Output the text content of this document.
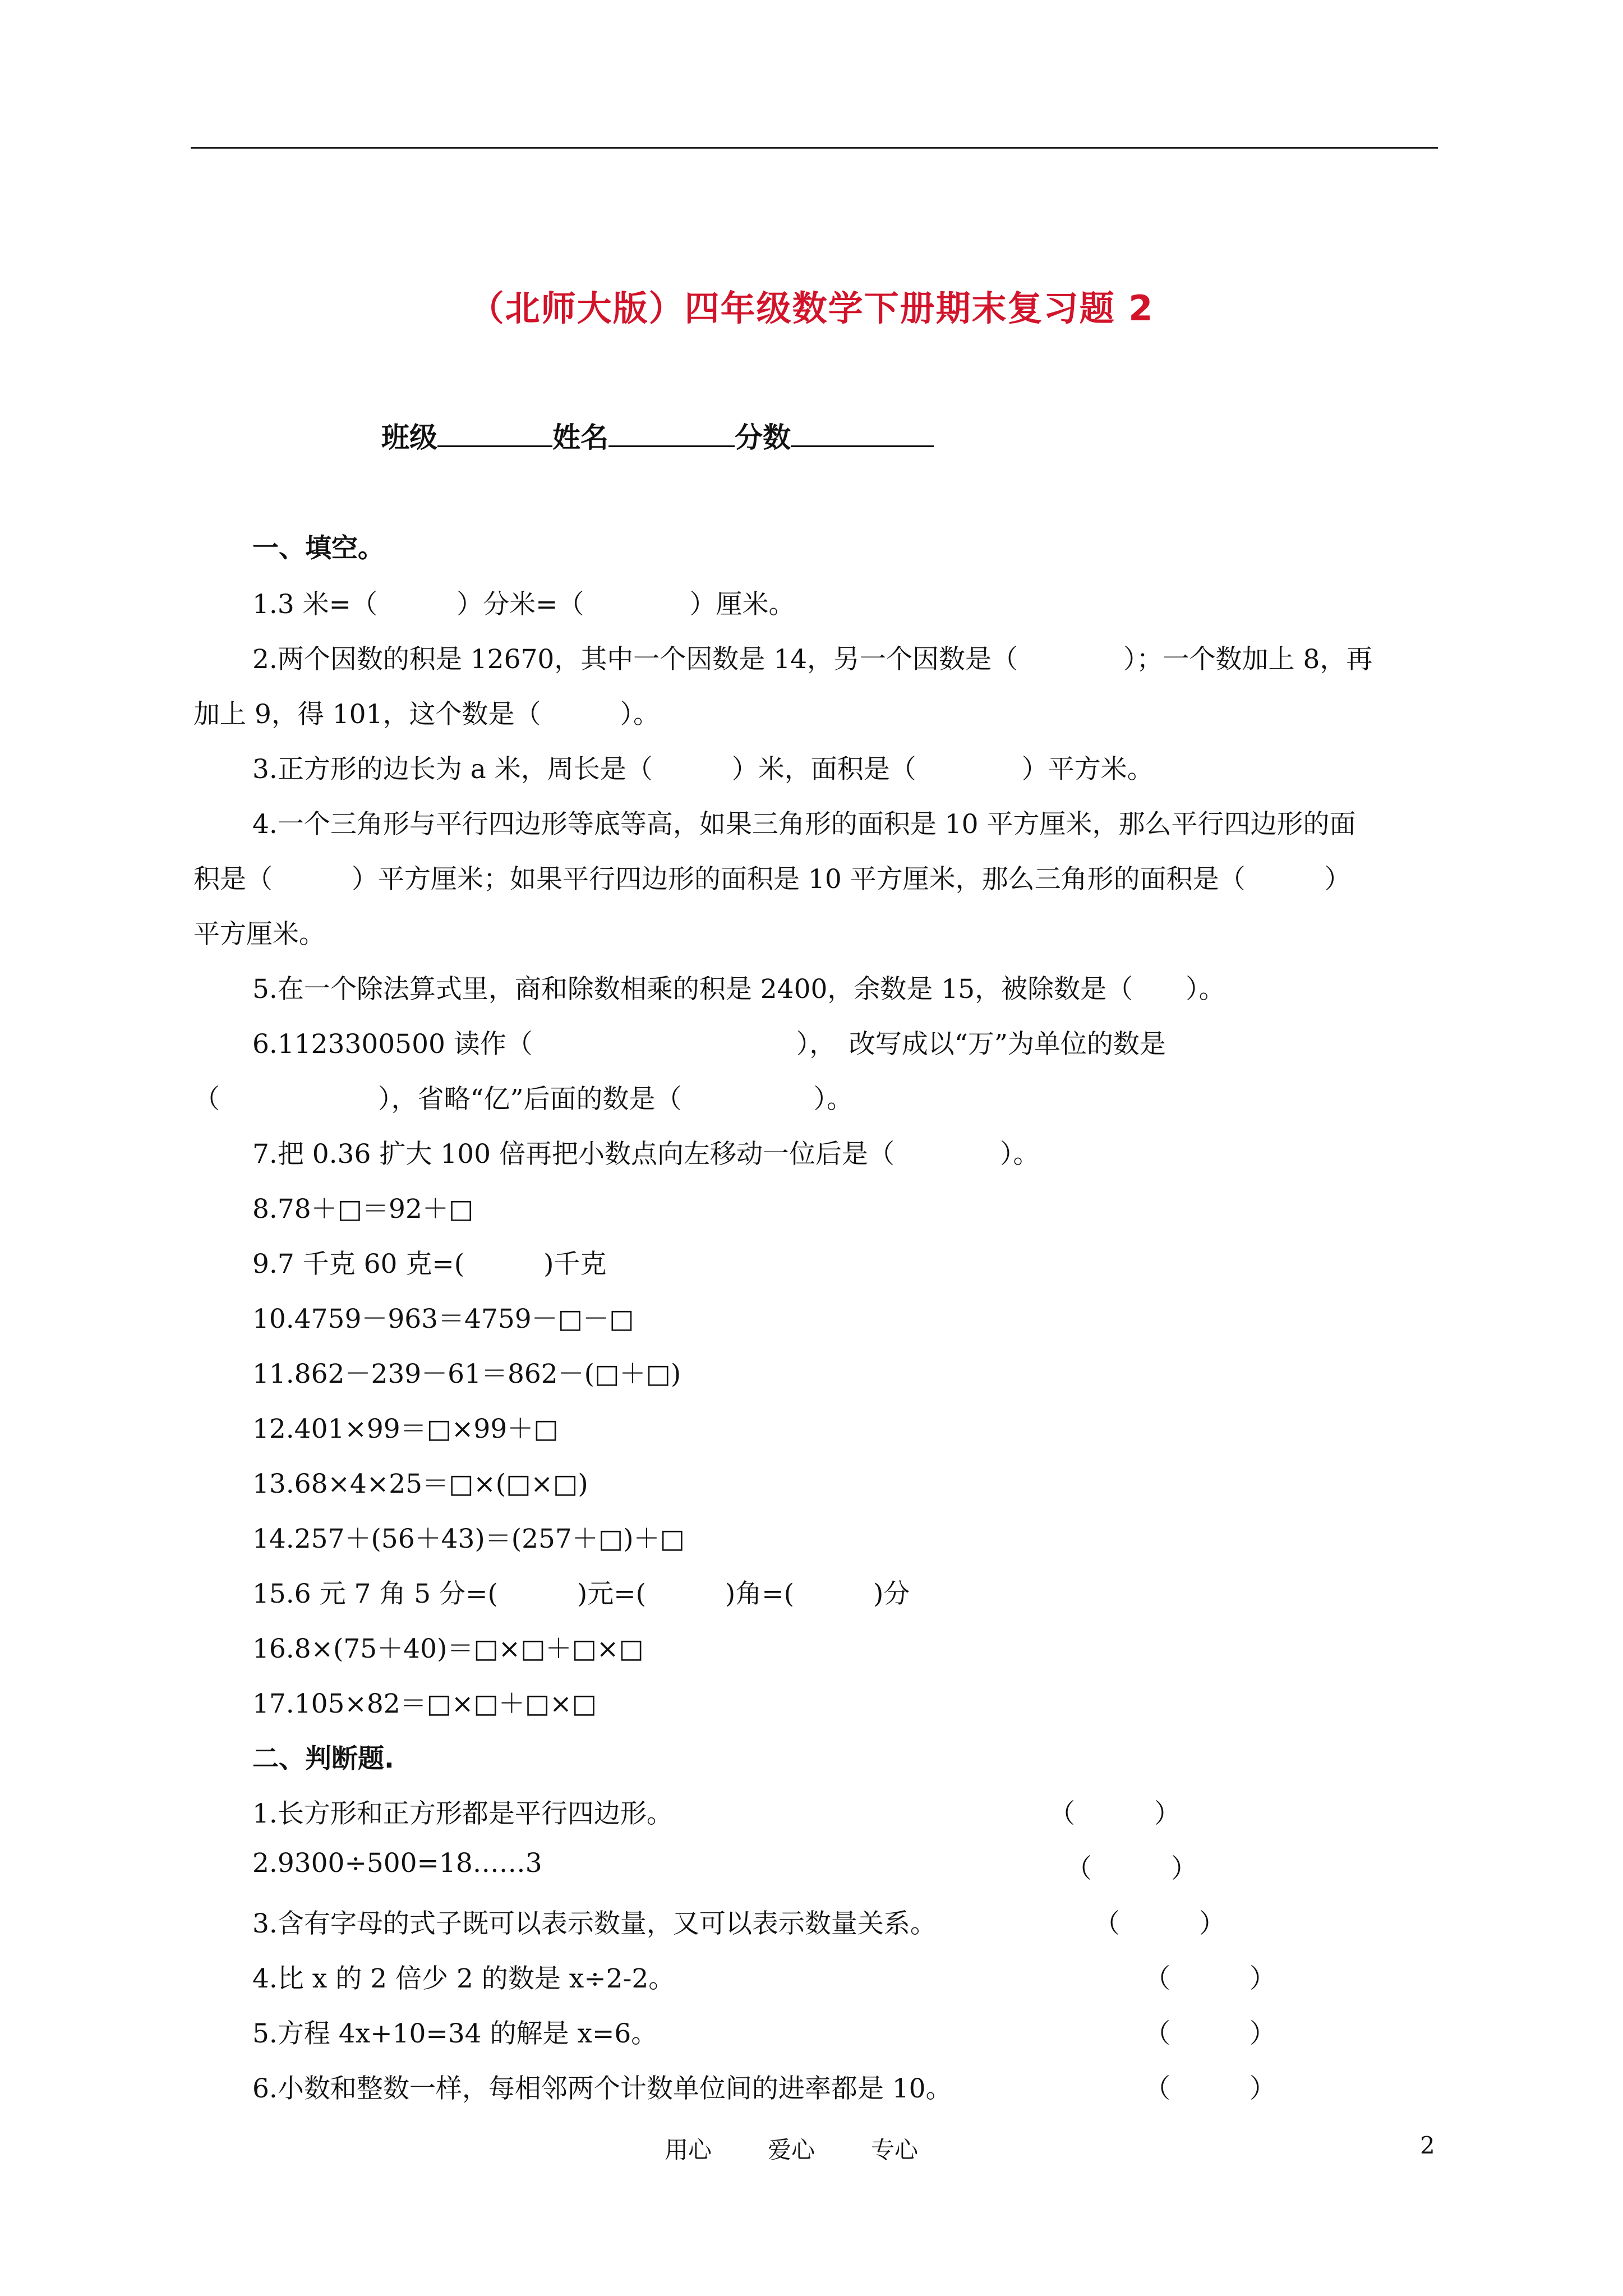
（北师大版）四年级数学下册期末复习题 2
班级	姓名	分数
一、填空。
1.3 米=（　　　）分米=（　　　　）厘米。
2.两个因数的积是 12670，其中一个因数是 14，另一个因数是（　　　　）；一个数加上 8，再
加上 9，得 101，这个数是（　　　）。
3.正方形的边长为 a 米，周长是（　　　）米，面积是（　　　　）平方米。
4.一个三角形与平行四边形等底等高，如果三角形的面积是 10 平方厘米，那么平行四边形的面
积是（　　　）平方厘米；如果平行四边形的面积是 10 平方厘米，那么三角形的面积是（　　　）
平方厘米。
5.在一个除法算式里，商和除数相乘的积是 2400，余数是 15，被除数是（　　）。
6.1123300500 读作（　　　　　　　　　　），　改写成以“万”为单位的数是
（　　　　　　），省略“亿”后面的数是（　　　　　）。
7.把 0.36 扩大 100 倍再把小数点向左移动一位后是（　　　　）。
8.78＋□＝92＋□
9.7 千克 60 克=(　　　)千克
10.4759－963＝4759－□－□
11.862－239－61＝862－(□＋□)
12.401×99＝□×99＋□
13.68×4×25＝□×(□×□)
14.257＋(56＋43)＝(257＋□)＋□
15.6 元 7 角 5 分=(　　　)元=(　　　)角=(　　　)分
16.8×(75＋40)＝□×□＋□×□
17.105×82＝□×□＋□×□
二、判断题.
1.长方形和正方形都是平行四边形。	（　　　）
2.9300÷500=18……3	（　　　）
3.含有字母的式子既可以表示数量，又可以表示数量关系。	（　　　）
4.比 x 的 2 倍少 2 的数是 x÷2-2。	（　　　）
5.方程 4x+10=34 的解是 x=6。	（　　　）
6.小数和整数一样，每相邻两个计数单位间的进率都是 10。	（　　　）
用心 爱心 专心	2
